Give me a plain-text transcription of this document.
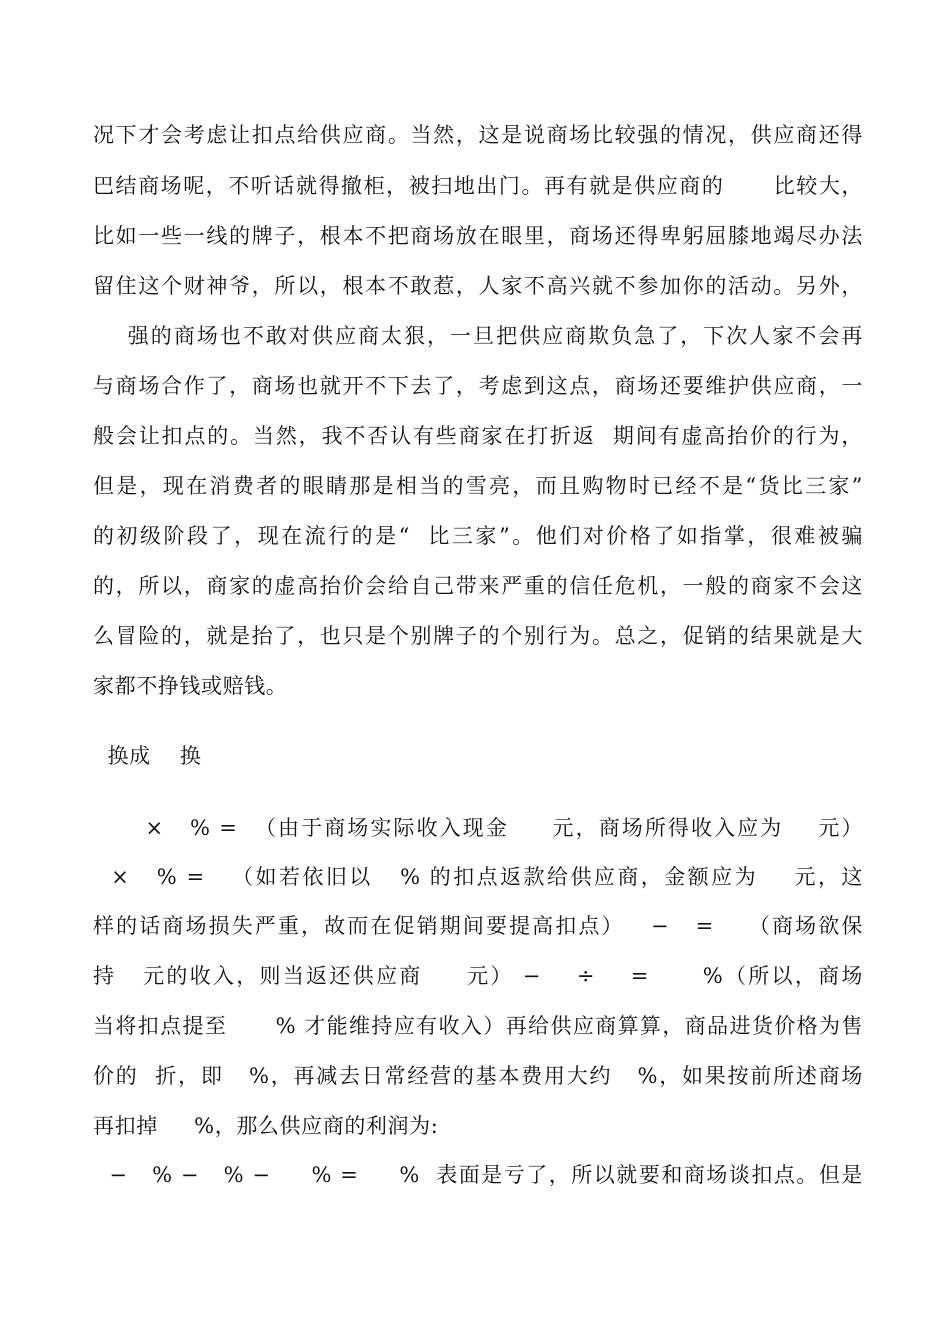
况下才会考虑让扣点给供应商。当然，这是说商场比较强的情况，供应商还得
巴结商场呢，不听话就得撤柜，被扫地出门。再有就是供应商的      比较大，
比如一些一线的牌子，根本不把商场放在眼里，商场还得卑躬屈膝地竭尽办法
留住这个财神爷，所以，根本不敢惹，人家不高兴就不参加你的活动。另外，
强的商场也不敢对供应商太狠，一旦把供应商欺负急了，下次人家不会再
与商场合作了，商场也就开不下去了，考虑到这点，商场还要维护供应商，一
般会让扣点的。当然，我不否认有些商家在打折返  期间有虚高抬价的行为，
但是，现在消费者的眼睛那是相当的雪亮，而且购物时已经不是“货比三家”
的初级阶段了，现在流行的是“  比三家”。他们对价格了如指掌，很难被骗
的，所以，商家的虚高抬价会给自己带来严重的信任危机，一般的商家不会这
么冒险的，就是抬了，也只是个别牌子的个别行为。总之，促销的结果就是大
家都不挣钱或赔钱。
换成    换
×   % =  （由于商场实际收入现金     元，商场所得收入应为    元）
×   % =   （如若依旧以   % 的扣点返款给供应商，金额应为    元，这
样的话商场损失严重，故而在促销期间要提高扣点）   −   =    （商场欲保
持   元的收入，则当返还供应商     元） −    ÷    =      %（所以，商场
当将扣点提至      % 才能维持应有收入）再给供应商算算，商品进货价格为售
价的  折，即   %，再减去日常经营的基本费用大约   %，如果按前所述商场
再扣掉     %，那么供应商的利润为:
−   % −   % −     % =     %  表面是亏了，所以就要和商场谈扣点。但是
